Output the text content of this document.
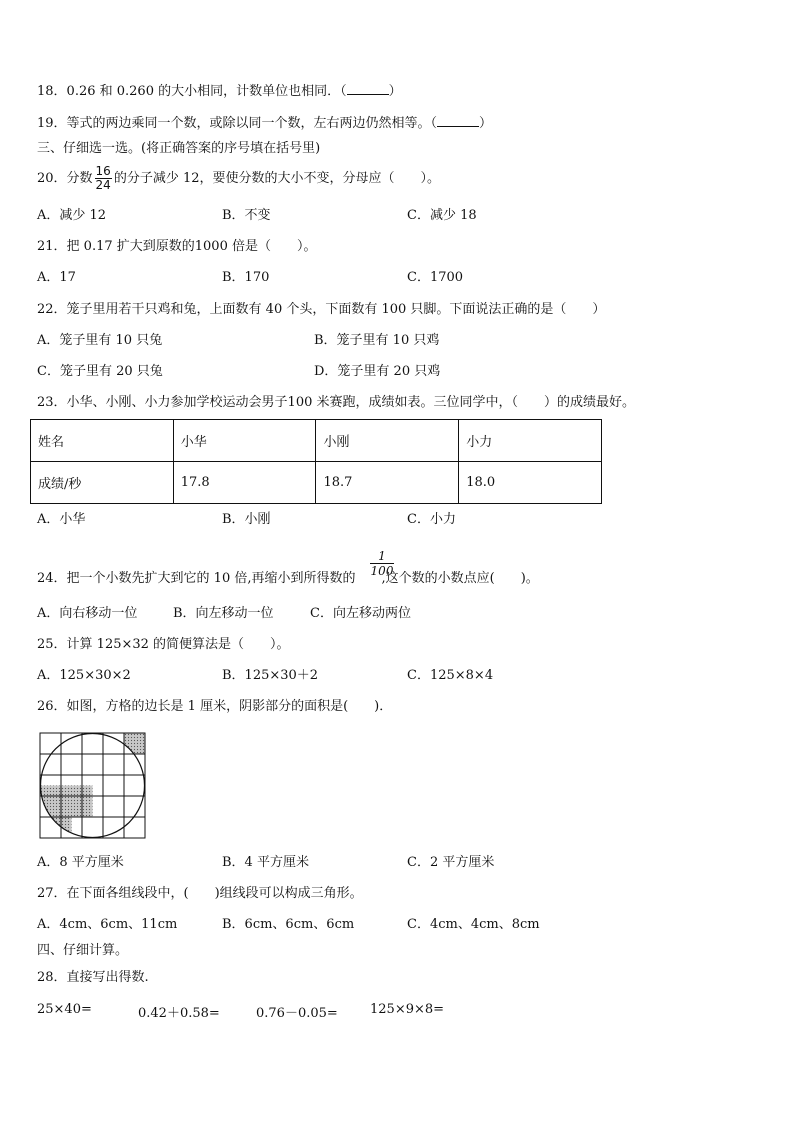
18．0.26 和 0.260 的大小相同，计数单位也相同．（	）
19．等式的两边乘同一个数，或除以同一个数，左右两边仍然相等。（	）
三、仔细选一选。(将正确答案的序号填在括号里)
20．分数 $\frac{16}{24}$ 的分子减少 12，要使分数的大小不变，分母应（　　）。
A．减少 12	B．不变	C．减少 18
21．把 0.17 扩大到原数的1000 倍是（　　）。
A．17	B．170	C．1700
22．笼子里用若干只鸡和兔，上面数有 40 个头，下面数有 100 只脚。下面说法正确的是（　　）
A．笼子里有 10 只兔	B．笼子里有 10 只鸡
C．笼子里有 20 只兔	D．笼子里有 20 只鸡
23．小华、小刚、小力参加学校运动会男子100 米赛跑，成绩如表。三位同学中，（　　）的成绩最好。
姓名	小华	小刚	小力
成绩/秒	17.8	18.7	18.0
A．小华	B．小刚	C．小力
$\frac{1}{100}$
24．把一个小数先扩大到它的 10 倍,再缩小到所得数的 ,这个数的小数点应(　　)。
A．向右移动一位	B．向左移动一位	C．向左移动两位
25．计算 125×32 的简便算法是（　　）。
A．125×30×2	B．125×30＋2	C．125×8×4
26．如图，方格的边长是 1 厘米，阴影部分的面积是(　　)．
A．8 平方厘米	B．4 平方厘米	C．2 平方厘米
27．在下面各组线段中，(　　)组线段可以构成三角形。
A．4cm、6cm、11cm	B．6cm、6cm、6cm	C．4cm、4cm、8cm
四、仔细计算。
28．直接写出得数.
25×40=	0.42＋0.58=	0.76－0.05= 125×9×8=
